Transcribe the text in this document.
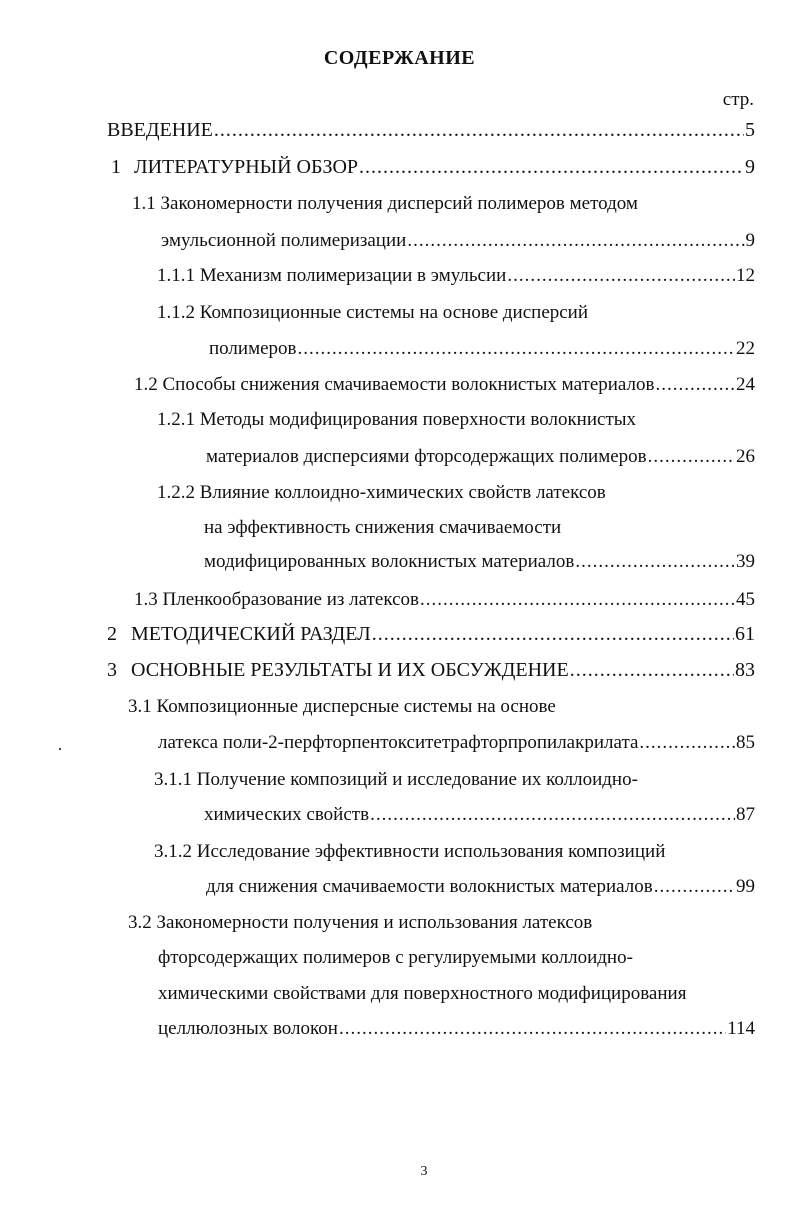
СОДЕРЖАНИЕ
стр.
ВВЕДЕНИЕ .....	5
1 ЛИТЕРАТУРНЫЙ ОБЗОР .....	9
1.1 Закономерности получения дисперсий полимеров методом
эмульсионной полимеризации .....	9
1.1.1 Механизм полимеризации в эмульсии .....	12
1.1.2 Композиционные системы на основе дисперсий
полимеров .....	22
1.2 Способы снижения смачиваемости волокнистых материалов .....	24
1.2.1 Методы модифицирования поверхности волокнистых
материалов дисперсиями фторсодержащих полимеров .....	26
1.2.2 Влияние коллоидно-химических свойств латексов
на эффективность снижения смачиваемости
модифицированных волокнистых материалов .....	39
1.3 Пленкообразование из латексов .....	45
2 МЕТОДИЧЕСКИЙ РАЗДЕЛ .....	61
3 ОСНОВНЫЕ РЕЗУЛЬТАТЫ И ИХ ОБСУЖДЕНИЕ .....	83
3.1 Композиционные дисперсные системы на основе
латекса поли-2-перфторпентокситетрафторпропилакрилата .....	85
3.1.1 Получение композиций и исследование их коллоидно-
химических свойств .....	87
3.1.2 Исследование эффективности использования композиций
для снижения смачиваемости волокнистых материалов .....	99
3.2 Закономерности получения и использования латексов
фторсодержащих полимеров с регулируемыми коллоидно-
химическими свойствами для поверхностного модифицирования
целлюлозных волокон .....	114
3
